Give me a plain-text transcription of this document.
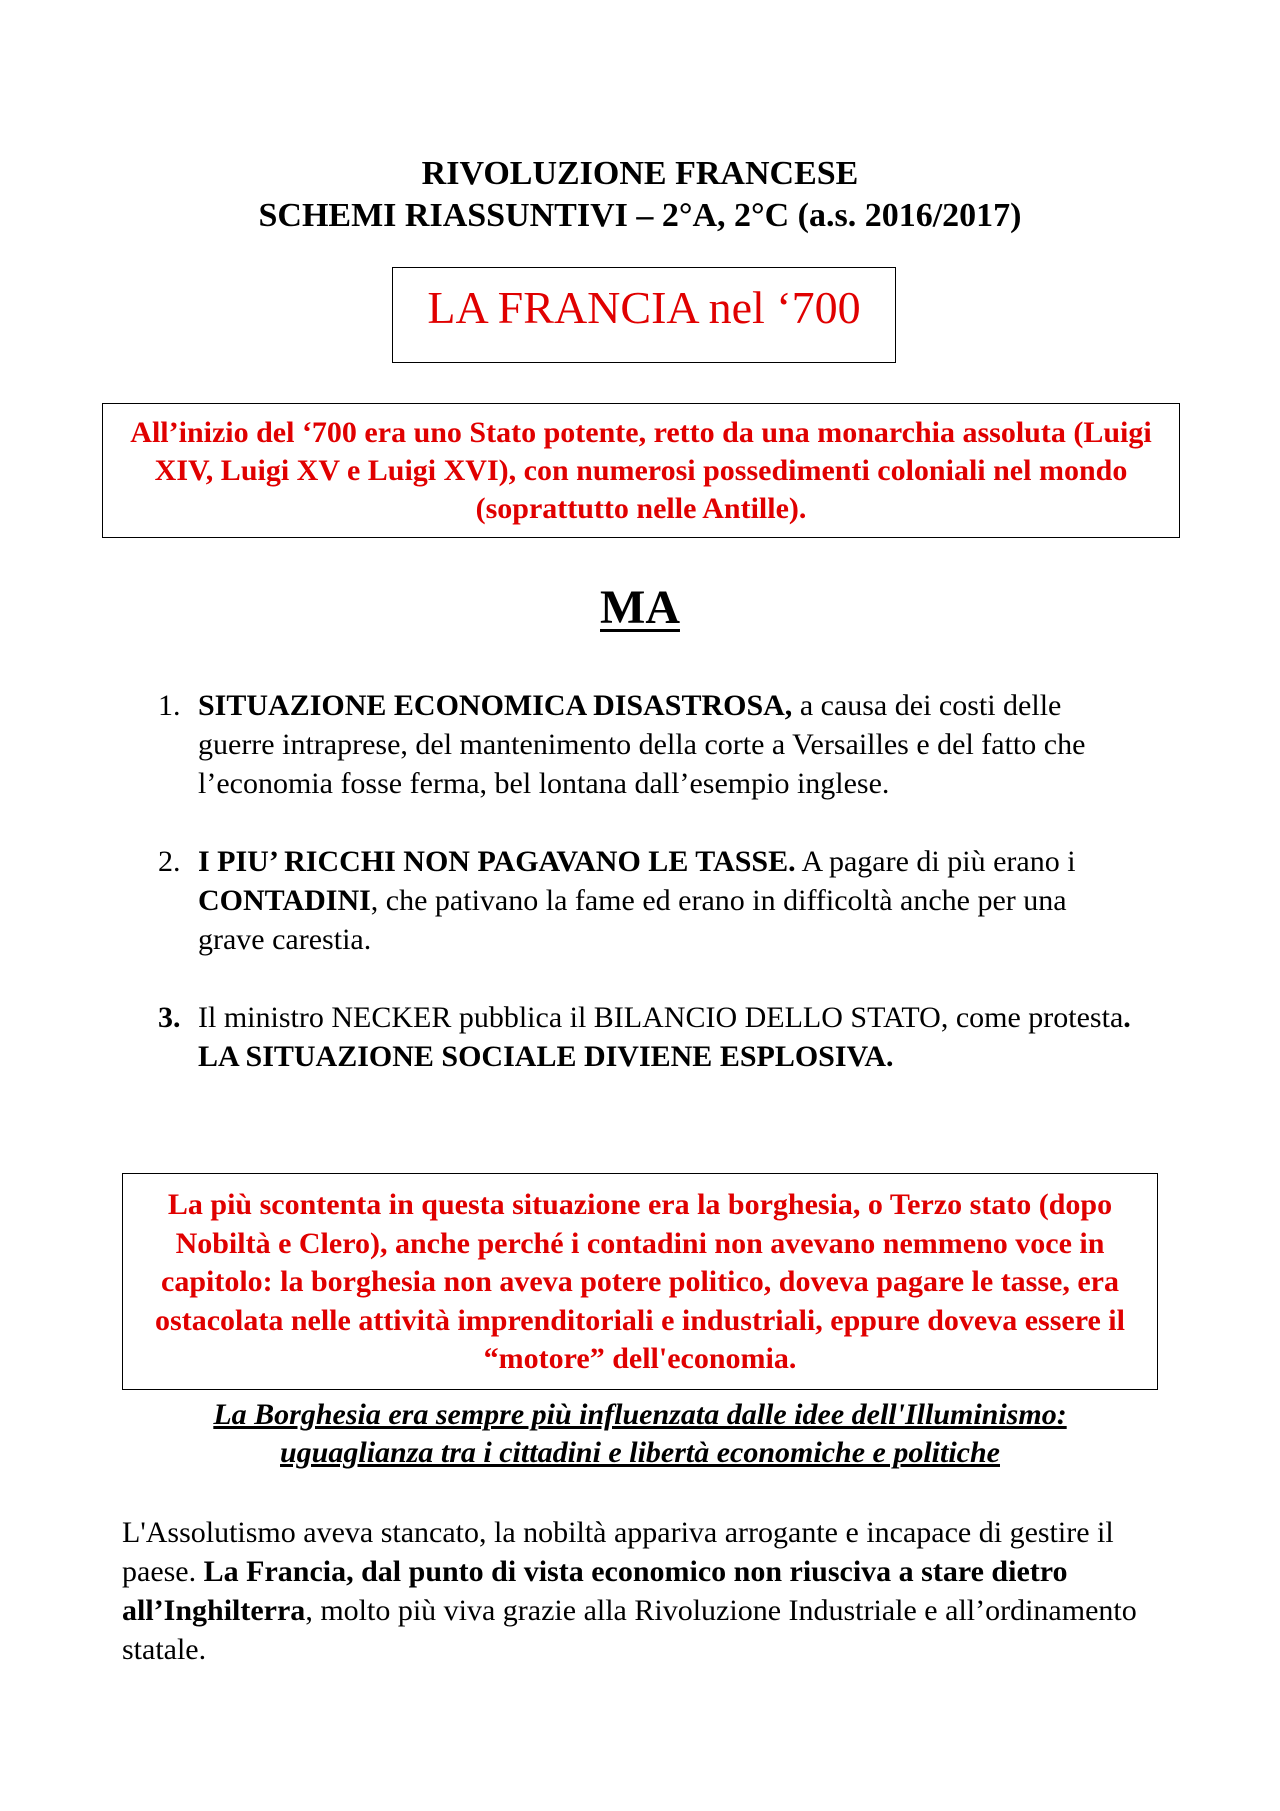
RIVOLUZIONE FRANCESE
SCHEMI RIASSUNTIVI – 2°A, 2°C (a.s. 2016/2017)
LA FRANCIA nel ‘700
All’inizio del ‘700 era uno Stato potente, retto da una monarchia assoluta (Luigi XIV, Luigi XV e Luigi XVI), con numerosi possedimenti coloniali nel mondo (soprattutto nelle Antille).
MA
1. SITUAZIONE ECONOMICA DISASTROSA, a causa dei costi delle guerre intraprese, del mantenimento della corte a Versailles e del fatto che l’economia fosse ferma, bel lontana dall’esempio inglese.
2. I PIU’ RICCHI NON PAGAVANO LE TASSE. A pagare di più erano i CONTADINI, che pativano la fame ed erano in difficoltà anche per una grave carestia.
3. Il ministro NECKER pubblica il BILANCIO DELLO STATO, come protesta. LA SITUAZIONE SOCIALE DIVIENE ESPLOSIVA.
La più scontenta in questa situazione era la borghesia, o Terzo stato (dopo Nobiltà e Clero), anche perché i contadini non avevano nemmeno voce in capitolo: la borghesia non aveva potere politico, doveva pagare le tasse, era ostacolata nelle attività imprenditoriali e industriali, eppure doveva essere il “motore” dell'economia.
La Borghesia era sempre più influenzata dalle idee dell'Illuminismo:
uguaglianza tra i cittadini e libertà economiche e politiche
L'Assolutismo aveva stancato, la nobiltà appariva arrogante e incapace di gestire il paese. La Francia, dal punto di vista economico non riusciva a stare dietro all’Inghilterra, molto più viva grazie alla Rivoluzione Industriale e all’ordinamento statale.
